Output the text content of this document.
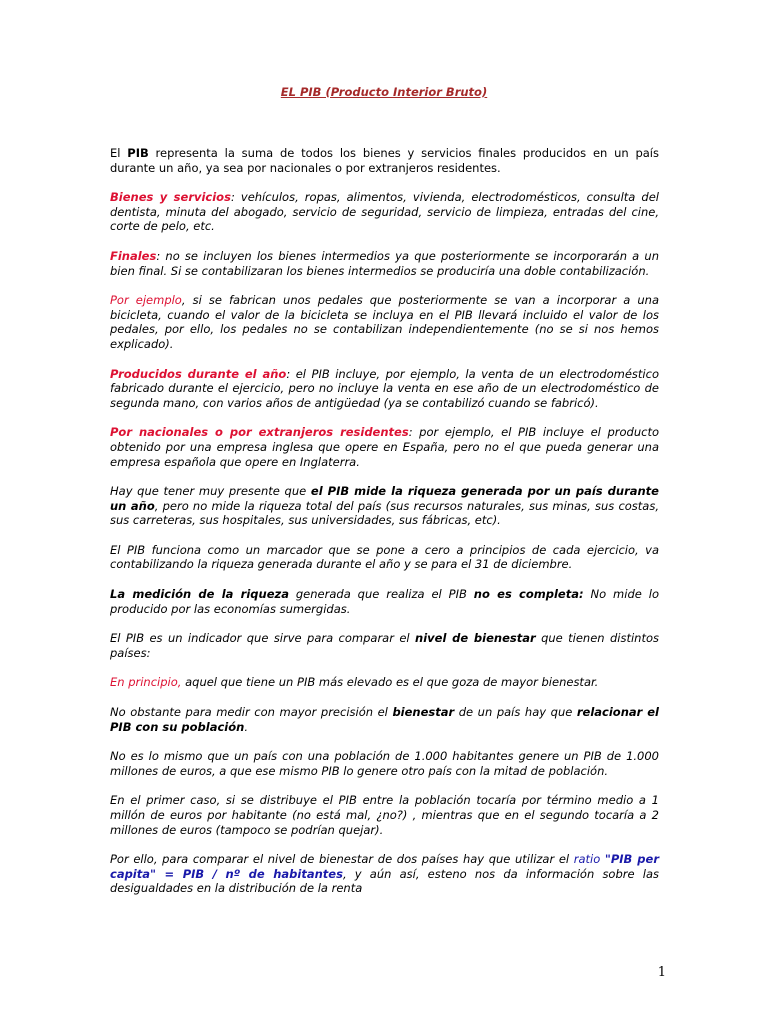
EL PIB (Producto Interior Bruto)

El PIB representa la suma de todos los bienes y servicios finales producidos en un país durante un año, ya sea por nacionales o por extranjeros residentes.

Bienes y servicios: vehículos, ropas, alimentos, vivienda, electrodomésticos, consulta del dentista, minuta del abogado, servicio de seguridad, servicio de limpieza, entradas del cine, corte de pelo, etc.

Finales: no se incluyen los bienes intermedios ya que posteriormente se incorporarán a un bien final. Si se contabilizaran los bienes intermedios se produciría una doble contabilización.

Por ejemplo, si se fabrican unos pedales que posteriormente se van a incorporar a una bicicleta, cuando el valor de la bicicleta se incluya en el PIB llevará incluido el valor de los pedales, por ello, los pedales no se contabilizan independientemente (no se si nos hemos explicado).

Producidos durante el año: el PIB incluye, por ejemplo, la venta de un electrodoméstico fabricado durante el ejercicio, pero no incluye la venta en ese año de un electrodoméstico de segunda mano, con varios años de antigüedad (ya se contabilizó cuando se fabricó).

Por nacionales o por extranjeros residentes: por ejemplo, el PIB incluye el producto obtenido por una empresa inglesa que opere en España, pero no el que pueda generar una empresa española que opere en Inglaterra.

Hay que tener muy presente que el PIB mide la riqueza generada por un país durante un año, pero no mide la riqueza total del país (sus recursos naturales, sus minas, sus costas, sus carreteras, sus hospitales, sus universidades, sus fábricas, etc).

El PIB funciona como un marcador que se pone a cero a principios de cada ejercicio, va contabilizando la riqueza generada durante el año y se para el 31 de diciembre.

La medición de la riqueza generada que realiza el PIB no es completa: No mide lo producido por las economías sumergidas.

El PIB es un indicador que sirve para comparar el nivel de bienestar que tienen distintos países:

En principio, aquel que tiene un PIB más elevado es el que goza de mayor bienestar.

No obstante para medir con mayor precisión el bienestar de un país hay que relacionar el PIB con su población.

No es lo mismo que un país con una población de 1.000 habitantes genere un PIB de 1.000 millones de euros, a que ese mismo PIB lo genere otro país con la mitad de población.

En el primer caso, si se distribuye el PIB entre la población tocaría por término medio a 1 millón de euros por habitante (no está mal, ¿no?) , mientras que en el segundo tocaría a 2 millones de euros (tampoco se podrían quejar).

Por ello, para comparar el nivel de bienestar de dos países hay que utilizar el ratio "PIB per capita" = PIB / nº de habitantes, y aún así, esteno nos da información sobre las desigualdades en la distribución de la renta

1
